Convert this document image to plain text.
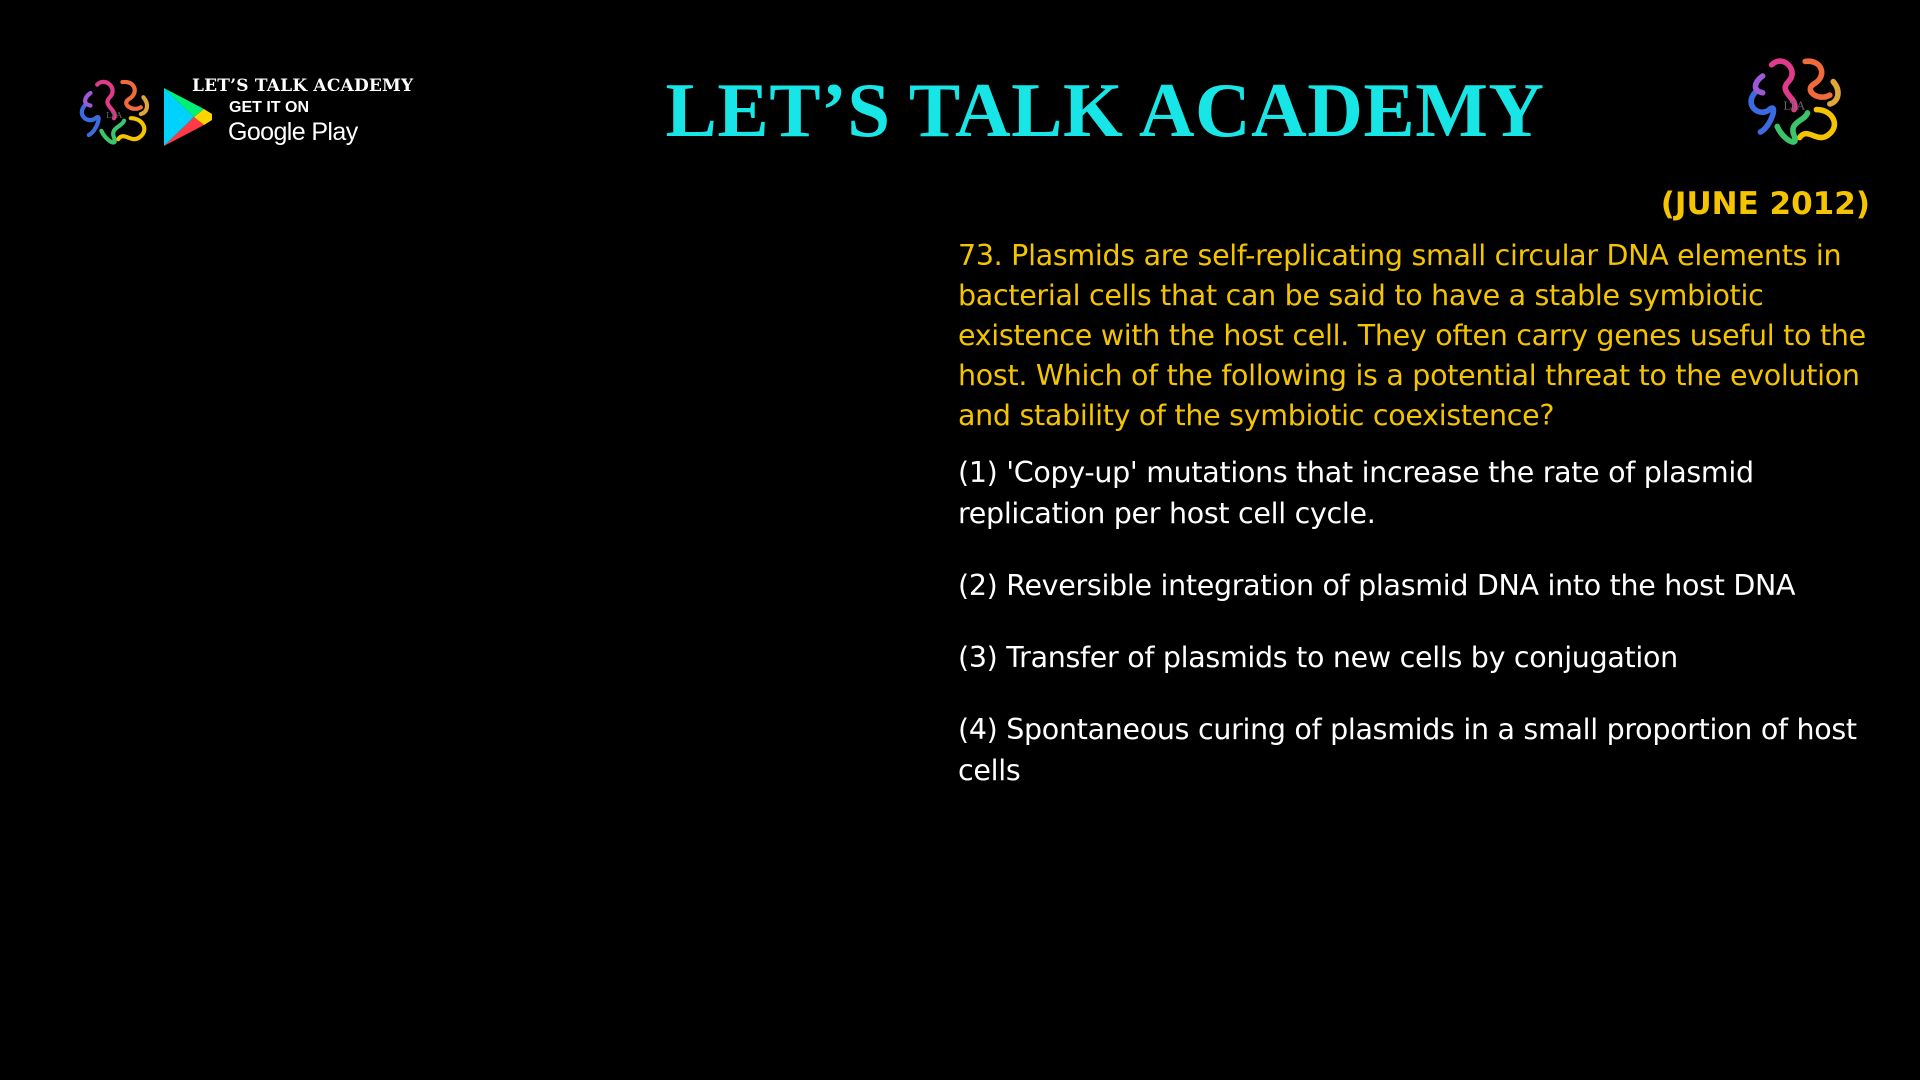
LTA
LET’S TALK ACADEMY
GET IT ON
Google Play	LET’S TALK ACADEMY	LTA
(JUNE 2012)

73. Plasmids are self-replicating small circular DNA elements in bacterial cells that can be said to have a stable symbiotic existence with the host cell. They often carry genes useful to the host. Which of the following is a potential threat to the evolution and stability of the symbiotic coexistence?

(1) 'Copy-up' mutations that increase the rate of plasmid replication per host cell cycle.
(2) Reversible integration of plasmid DNA into the host DNA
(3) Transfer of plasmids to new cells by conjugation
(4) Spontaneous curing of plasmids in a small proportion of host cells
